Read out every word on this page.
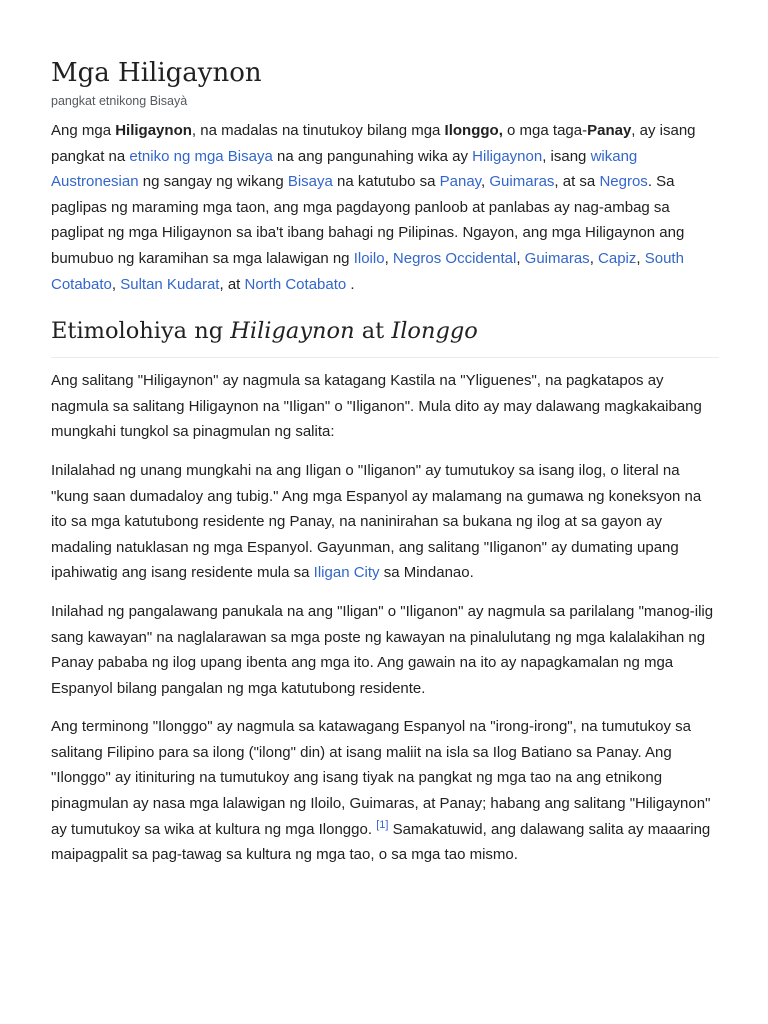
Mga Hiligaynon
pangkat etnikong Bisayà

Ang mga Hiligaynon, na madalas na tinutukoy bilang mga Ilonggo, o mga taga-Panay, ay isang pangkat na etniko ng mga Bisaya na ang pangunahing wika ay Hiligaynon, isang wikang Austronesian ng sangay ng wikang Bisaya na katutubo sa Panay, Guimaras, at sa Negros. Sa paglipas ng maraming mga taon, ang mga pagdayong panloob at panlabas ay nag-ambag sa paglipat ng mga Hiligaynon sa iba't ibang bahagi ng Pilipinas. Ngayon, ang mga Hiligaynon ang bumubuo ng karamihan sa mga lalawigan ng Iloilo, Negros Occidental, Guimaras, Capiz, South Cotabato, Sultan Kudarat, at North Cotabato .

Etimolohiya ng Hiligaynon at Ilonggo

Ang salitang "Hiligaynon" ay nagmula sa katagang Kastila na "Yliguenes", na pagkatapos ay nagmula sa salitang Hiligaynon na "Iligan" o "Iliganon". Mula dito ay may dalawang magkakaibang mungkahi tungkol sa pinagmulan ng salita:

Inilalahad ng unang mungkahi na ang Iligan o "Iliganon" ay tumutukoy sa isang ilog, o literal na "kung saan dumadaloy ang tubig." Ang mga Espanyol ay malamang na gumawa ng koneksyon na ito sa mga katutubong residente ng Panay, na naninirahan sa bukana ng ilog at sa gayon ay madaling natuklasan ng mga Espanyol. Gayunman, ang salitang "Iliganon" ay dumating upang ipahiwatig ang isang residente mula sa Iligan City sa Mindanao.

Inilahad ng pangalawang panukala na ang "Iligan" o "Iliganon" ay nagmula sa parilalang "manog-ilig sang kawayan" na naglalarawan sa mga poste ng kawayan na pinalulutang ng mga kalalakihan ng Panay pababa ng ilog upang ibenta ang mga ito. Ang gawain na ito ay napagkamalan ng mga Espanyol bilang pangalan ng mga katutubong residente.

Ang terminong "Ilonggo" ay nagmula sa katawagang Espanyol na "irong-irong", na tumutukoy sa salitang Filipino para sa ilong ("ilong" din) at isang maliit na isla sa Ilog Batiano sa Panay. Ang "Ilonggo" ay itinituring na tumutukoy ang isang tiyak na pangkat ng mga tao na ang etnikong pinagmulan ay nasa mga lalawigan ng Iloilo, Guimaras, at Panay; habang ang salitang "Hiligaynon" ay tumutukoy sa wika at kultura ng mga Ilonggo. [1] Samakatuwid, ang dalawang salita ay maaaring maipagpalit sa pag-tawag sa kultura ng mga tao, o sa mga tao mismo.
